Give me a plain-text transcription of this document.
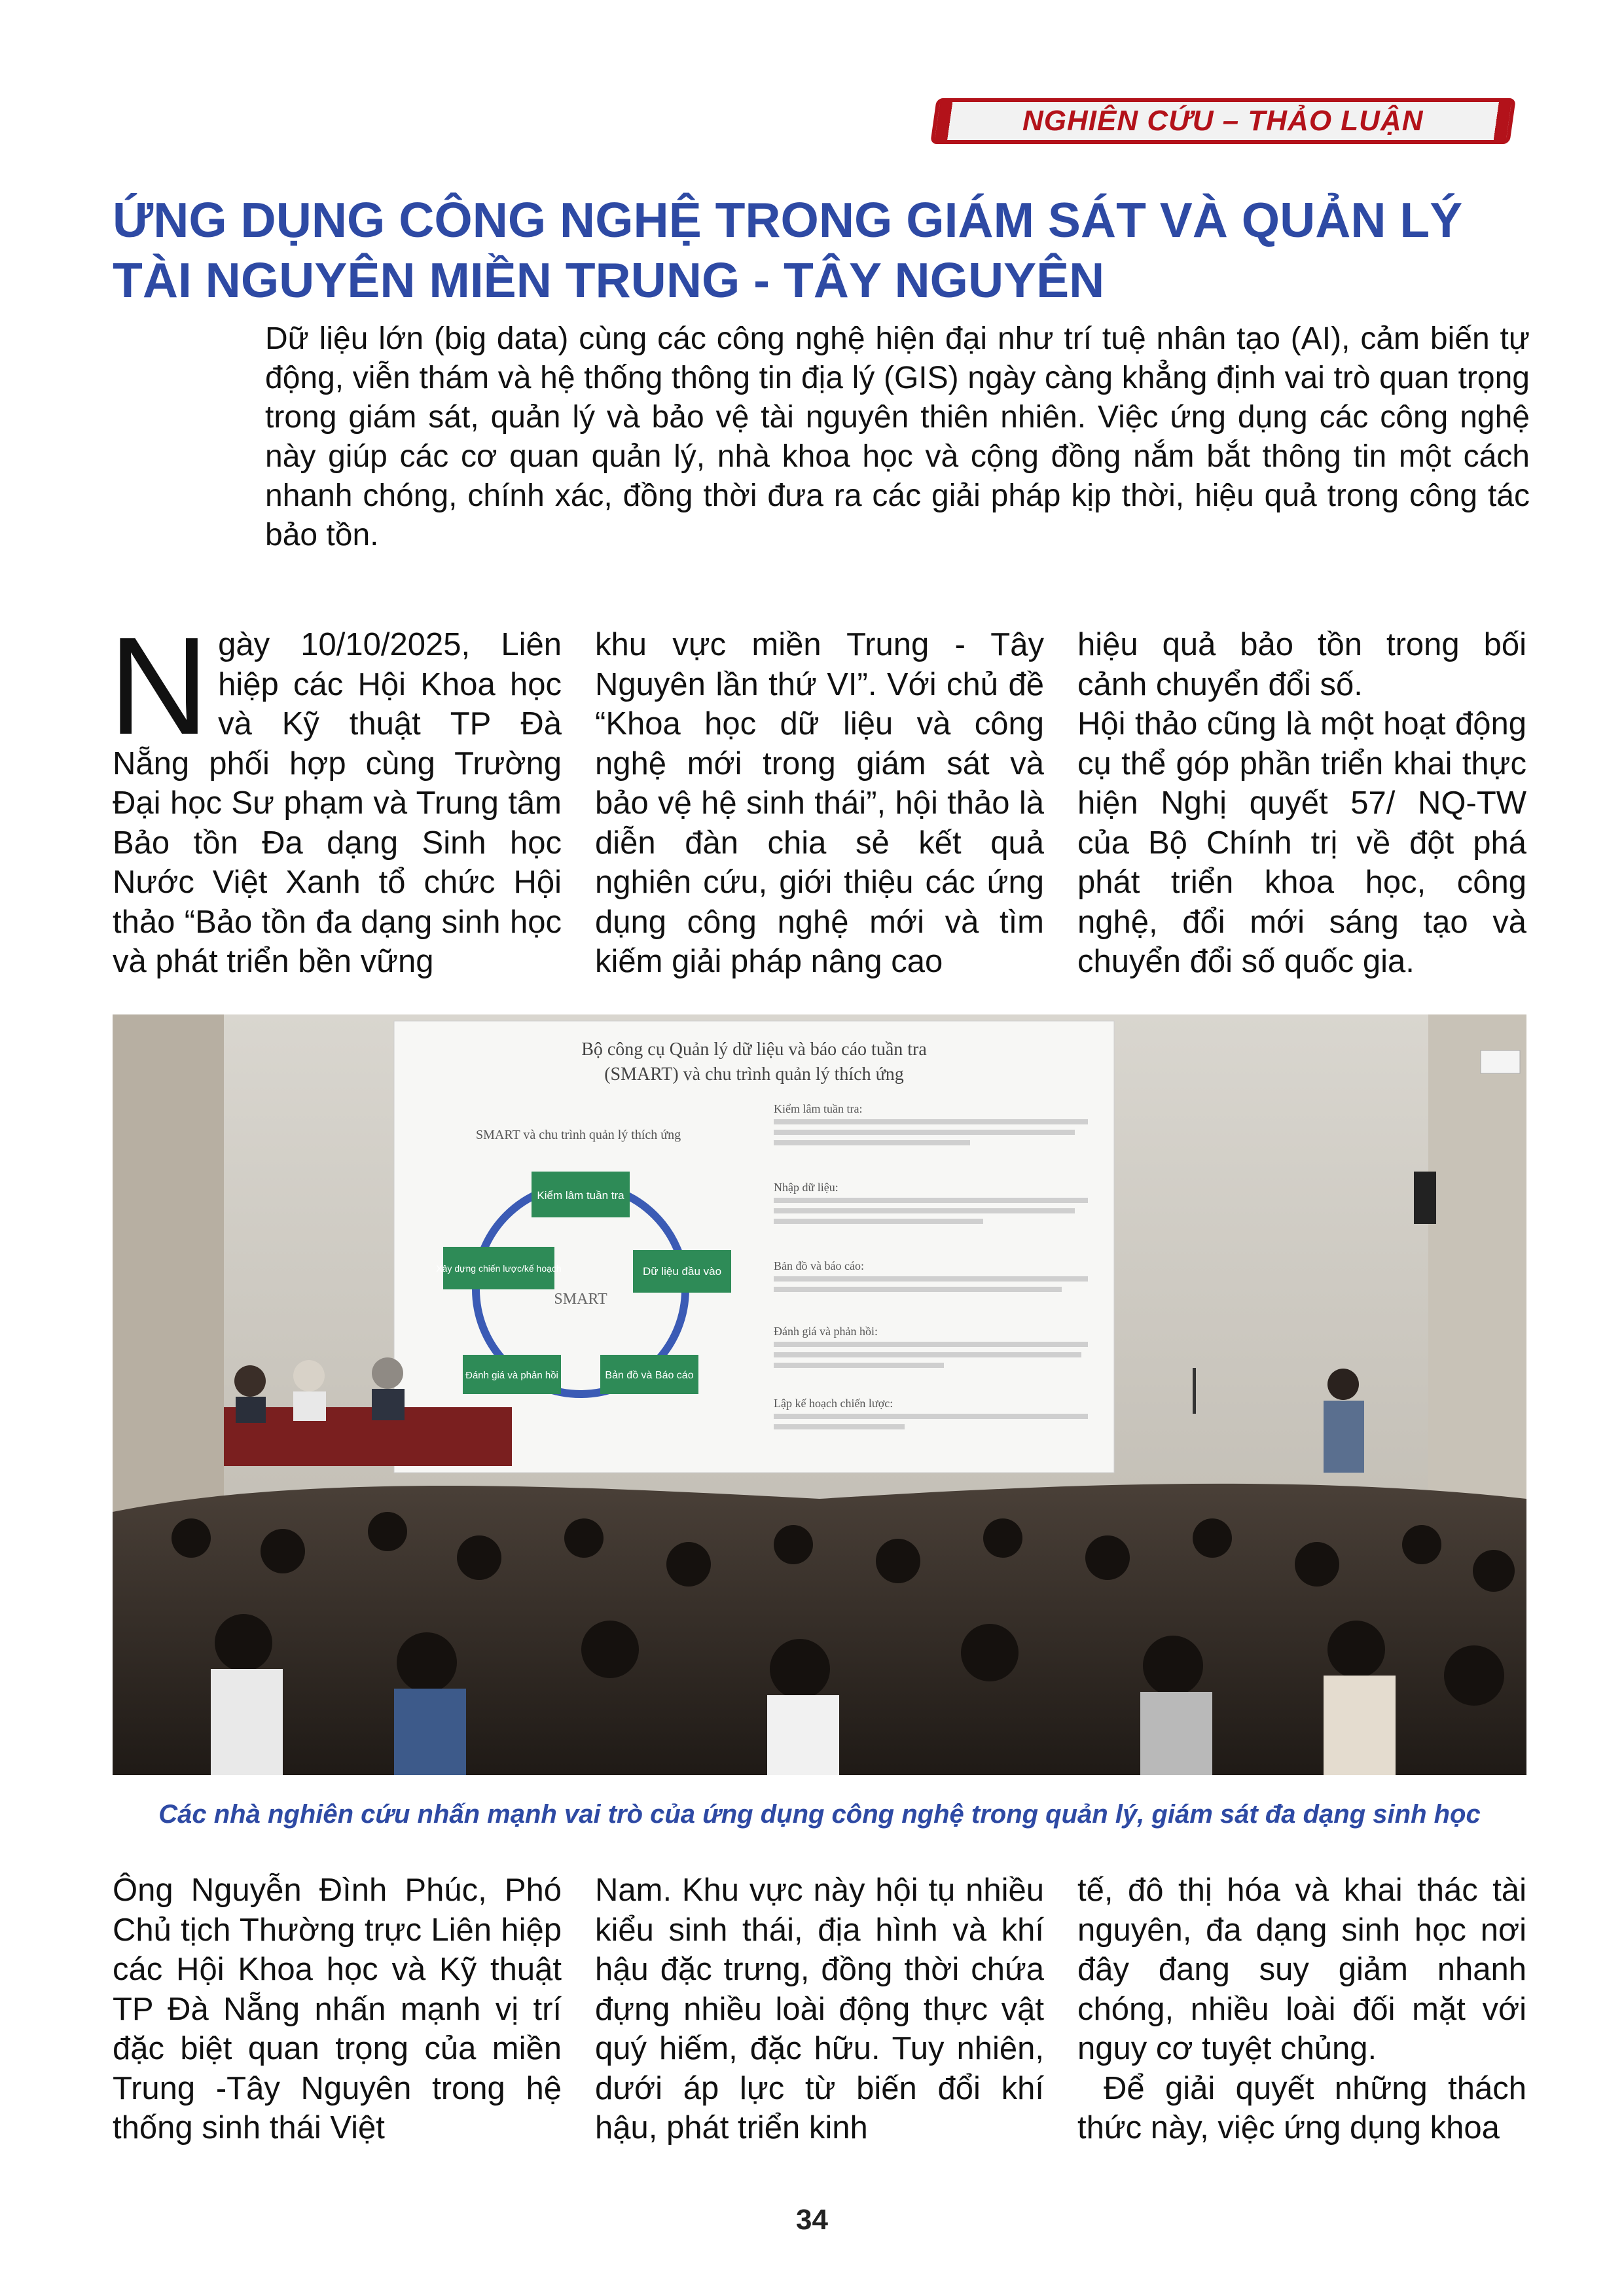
NGHIÊN CỨU – THẢO LUẬN
ỨNG DỤNG CÔNG NGHỆ TRONG GIÁM SÁT VÀ QUẢN LÝ TÀI NGUYÊN MIỀN TRUNG - TÂY NGUYÊN

Dữ liệu lớn (big data) cùng các công nghệ hiện đại như trí tuệ nhân tạo (AI), cảm biến tự động, viễn thám và hệ thống thông tin địa lý (GIS) ngày càng khẳng định vai trò quan trọng trong giám sát, quản lý và bảo vệ tài nguyên thiên nhiên. Việc ứng dụng các công nghệ này giúp các cơ quan quản lý, nhà khoa học và cộng đồng nắm bắt thông tin một cách nhanh chóng, chính xác, đồng thời đưa ra các giải pháp kịp thời, hiệu quả trong công tác bảo tồn.

Ngày 10/10/2025, Liên hiệp các Hội Khoa học và Kỹ thuật TP Đà Nẵng phối hợp cùng Trường Đại học Sư phạm và Trung tâm Bảo tồn Đa dạng Sinh học Nước Việt Xanh tổ chức Hội thảo “Bảo tồn đa dạng sinh học và phát triển bền vững

khu vực miền Trung - Tây Nguyên lần thứ VI”. Với chủ đề “Khoa học dữ liệu và công nghệ mới trong giám sát và bảo vệ hệ sinh thái”, hội thảo là diễn đàn chia sẻ kết quả nghiên cứu, giới thiệu các ứng dụng công nghệ mới và tìm kiếm giải pháp nâng cao

hiệu quả bảo tồn trong bối cảnh chuyển đổi số.

Hội thảo cũng là một hoạt động cụ thể góp phần triển khai thực hiện Nghị quyết 57/ NQ-TW của Bộ Chính trị về đột phá phát triển khoa học, công nghệ, đổi mới sáng tạo và chuyển đổi số quốc gia.

Bộ công cụ Quản lý dữ liệu và báo cáo tuần tra
(SMART) và chu trình quản lý thích ứng
SMART và chu trình quản lý thích ứng
SMART
Kiểm lâm tuần tra
Dữ liệu đầu vào
Bản đồ và Báo cáo
Đánh giá và phản hồi
Xây dựng chiến lược/kế hoạch
Kiểm lâm tuần tra:
Nhập dữ liệu:
Bản đồ và báo cáo:
Đánh giá và phản hồi:
Lập kế hoạch chiến lược:

Các nhà nghiên cứu nhấn mạnh vai trò của ứng dụng công nghệ trong quản lý, giám sát đa dạng sinh học

Ông Nguyễn Đình Phúc, Phó Chủ tịch Thường trực Liên hiệp các Hội Khoa học và Kỹ thuật TP Đà Nẵng nhấn mạnh vị trí đặc biệt quan trọng của miền Trung -Tây Nguyên trong hệ thống sinh thái Việt

Nam. Khu vực này hội tụ nhiều kiểu sinh thái, địa hình và khí hậu đặc trưng, đồng thời chứa đựng nhiều loài động thực vật quý hiếm, đặc hữu. Tuy nhiên, dưới áp lực từ biến đổi khí hậu, phát triển kinh

tế, đô thị hóa và khai thác tài nguyên, đa dạng sinh học nơi đây đang suy giảm nhanh chóng, nhiều loài đối mặt với nguy cơ tuyệt chủng.

Để giải quyết những thách thức này, việc ứng dụng khoa

34
